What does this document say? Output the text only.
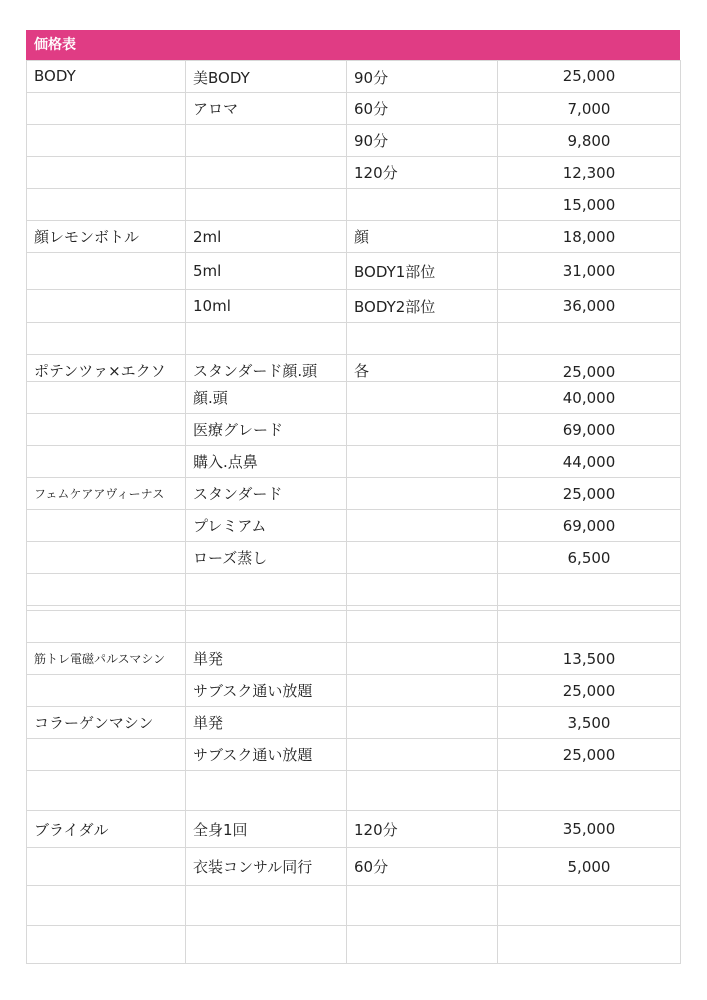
価格表
BODY	美BODY	90分	25,000
	アロマ	60分	7,000
		90分	9,800
		120分	12,300
			15,000
顔レモンボトル	2ml	顔	18,000
	5ml	BODY1部位	31,000
	10ml	BODY2部位	36,000

ポテンツァ×エクソ	スタンダード顔.頭	各	25,000
	顔.頭		40,000
	医療グレード		69,000
	購入.点鼻		44,000
フェムケアアヴィーナス	スタンダード		25,000
	プレミアム		69,000
	ローズ蒸し		6,500

筋トレ電磁パルスマシン	単発		13,500
	サブスク通い放題		25,000
コラーゲンマシン	単発		3,500
	サブスク通い放題		25,000

ブライダル	全身1回	120分	35,000
	衣装コンサル同行	60分	5,000
